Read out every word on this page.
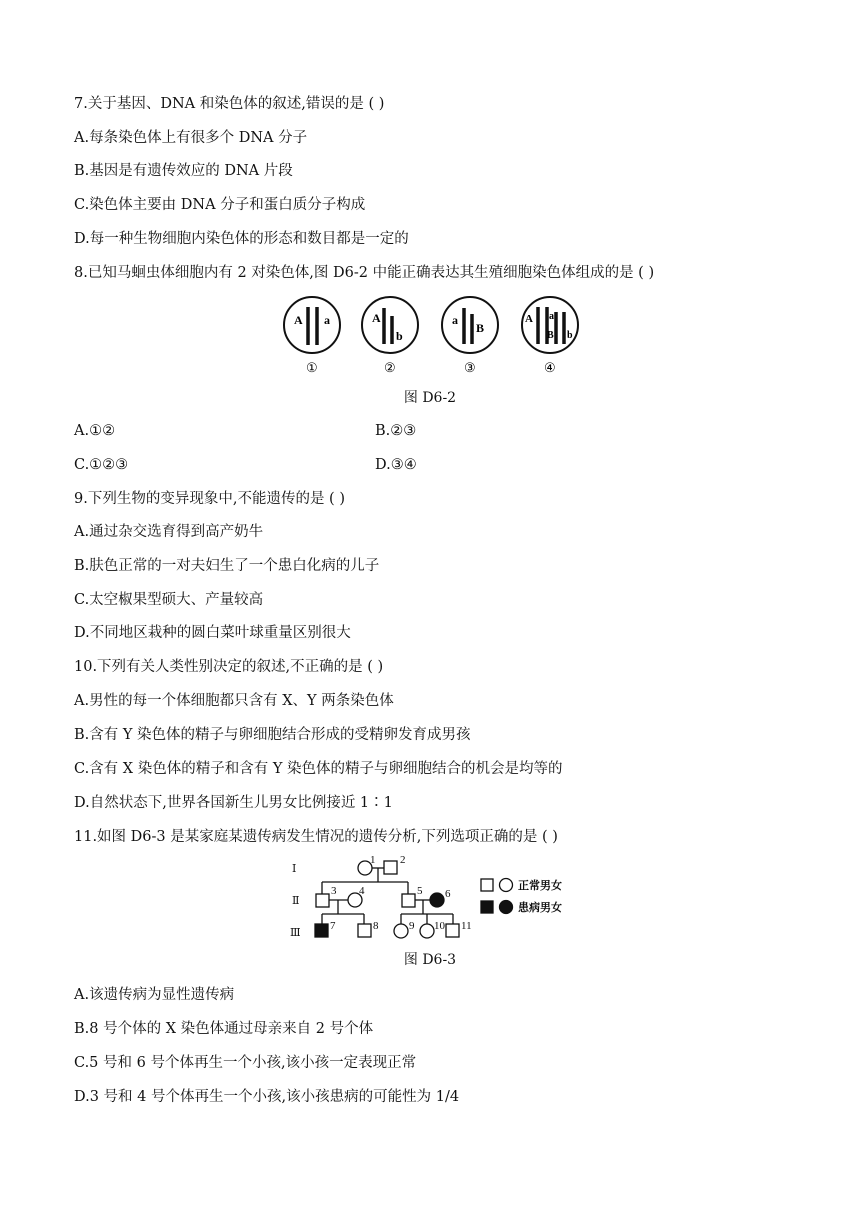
7.关于基因、DNA 和染色体的叙述,错误的是 ( )
A.每条染色体上有很多个 DNA 分子
B.基因是有遗传效应的 DNA 片段
C.染色体主要由 DNA 分子和蛋白质分子构成
D.每一种生物细胞内染色体的形态和数目都是一定的
8.已知马蛔虫体细胞内有 2 对染色体,图 D6-2 中能正确表达其生殖细胞染色体组成的是 ( )
A a
①
A
b
②
a
B
③
A a
B b
④
图 D6-2
A.①②	B.②③
C.①②③	D.③④
9.下列生物的变异现象中,不能遗传的是 ( )
A.通过杂交选育得到高产奶牛
B.肤色正常的一对夫妇生了一个患白化病的儿子
C.太空椒果型硕大、产量较高
D.不同地区栽种的圆白菜叶球重量区别很大
10.下列有关人类性别决定的叙述,不正确的是 ( )
A.男性的每一个体细胞都只含有 X、Y 两条染色体
B.含有 Y 染色体的精子与卵细胞结合形成的受精卵发育成男孩
C.含有 X 染色体的精子和含有 Y 染色体的精子与卵细胞结合的机会是均等的
D.自然状态下,世界各国新生儿男女比例接近 1∶1
11.如图 D6-3 是某家庭某遗传病发生情况的遗传分析,下列选项正确的是 ( )
Ⅰ
Ⅱ
Ⅲ
1 2
3 4	5 6
7	8	9 10 11
正常男女
患病男女
图 D6-3
A.该遗传病为显性遗传病
B.8 号个体的 X 染色体通过母亲来自 2 号个体
C.5 号和 6 号个体再生一个小孩,该小孩一定表现正常
D.3 号和 4 号个体再生一个小孩,该小孩患病的可能性为 1/4
